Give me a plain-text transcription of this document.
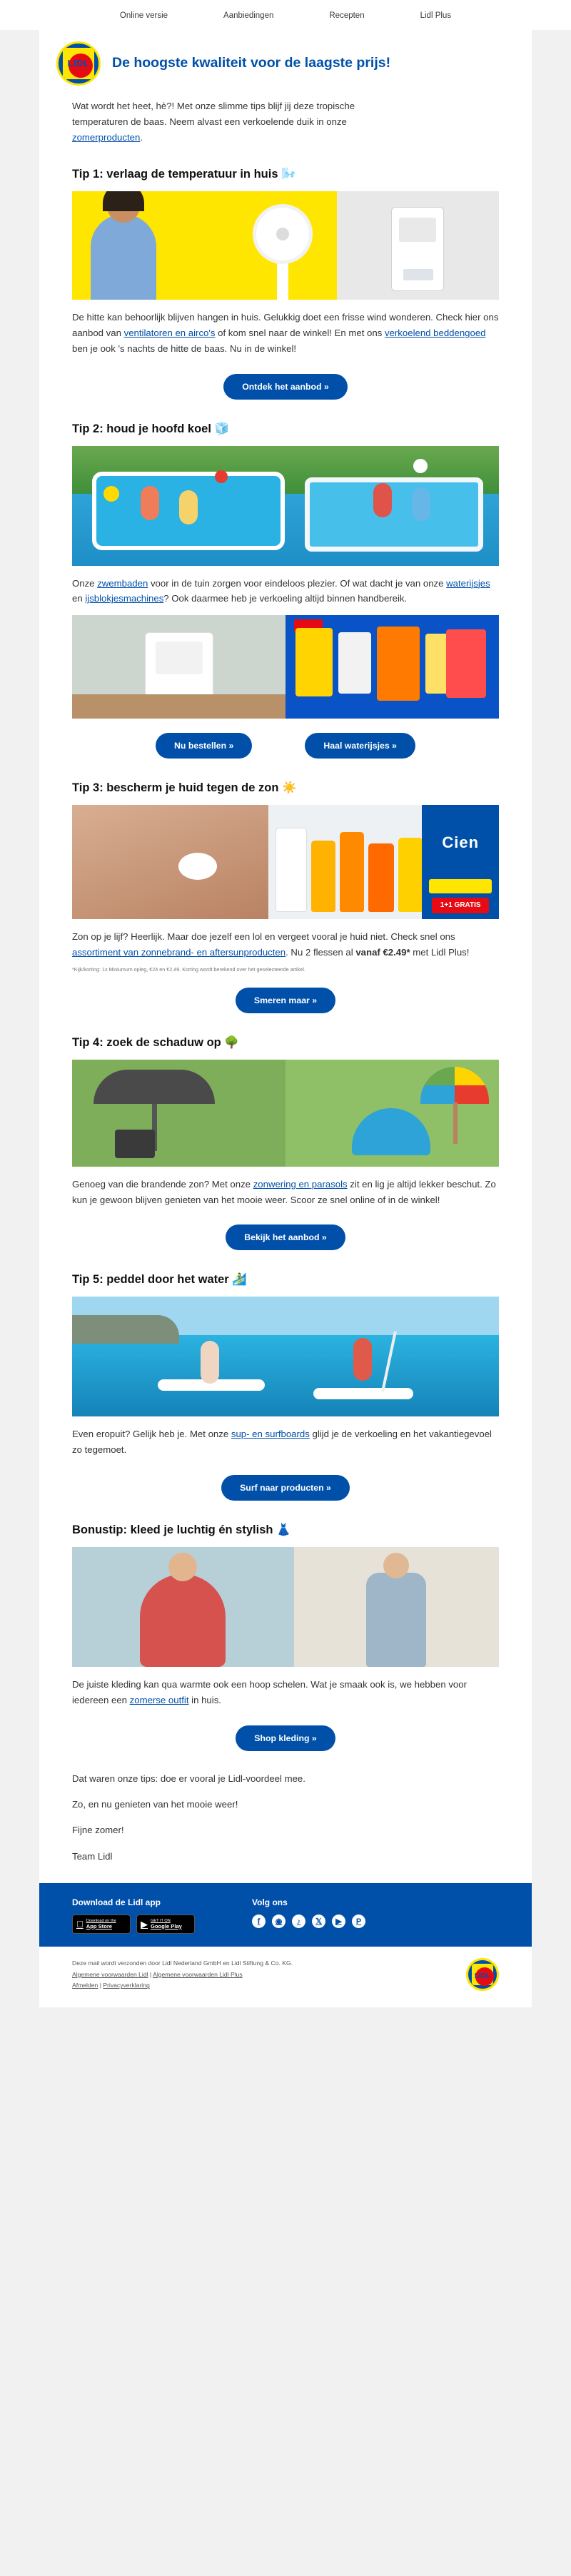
Online versie	Aanbiedingen	Recepten	Lidl Plus
LIDL	De hoogste kwaliteit voor de laagste prijs!
Wat wordt het heet, hè?! Met onze slimme tips blijf jij deze tropische
temperaturen de baas. Neem alvast een verkoelende duik in onze
zomerproducten.
Tip 1: verlaag de temperatuur in huis 🌬️
De hitte kan behoorlijk blijven hangen in huis. Gelukkig doet een frisse wind wonderen. Check hier ons aanbod van ventilatoren en airco's of kom snel naar de winkel! En met ons verkoelend beddengoed ben je ook 's nachts de hitte de baas. Nu in de winkel!
Ontdek het aanbod »
Tip 2: houd je hoofd koel 🧊
Onze zwembaden voor in de tuin zorgen voor eindeloos plezier. Of wat dacht je van onze waterijsjes en ijsblokjesmachines? Ook daarmee heb je verkoeling altijd binnen handbereik.
Nu bestellen »	Haal waterijsjes »
Tip 3: bescherm je huid tegen de zon ☀️
Cien
1+1 GRATIS
Zon op je lijf? Heerlijk. Maar doe jezelf een lol en vergeet vooral je huid niet. Check snel ons assortiment van zonnebrand- en aftersunproducten. Nu 2 flessen al vanaf €2.49* met Lidl Plus!
*Kijk/korting: 1x Miniumum opleg, €24 en €2,49. Korting wordt berekend over het geselecteerde artikel.
Smeren maar »
Tip 4: zoek de schaduw op 🌳
Genoeg van die brandende zon? Met onze zonwering en parasols zit en lig je altijd lekker beschut. Zo kun je gewoon blijven genieten van het mooie weer. Scoor ze snel online of in de winkel!
Bekijk het aanbod »
Tip 5: peddel door het water 🏄‍♂️
Even eropuit? Gelijk heb je. Met onze sup- en surfboards glijd je de verkoeling en het vakantiegevoel zo tegemoet.
Surf naar producten »
Bonustip: kleed je luchtig én stylish 👗
De juiste kleding kan qua warmte ook een hoop schelen. Wat je smaak ook is, we hebben voor iedereen een zomerse outfit in huis.
Shop kleding »

Dat waren onze tips: doe er vooral je Lidl-voordeel mee.

Zo, en nu genieten van het mooie weer!

Fijne zomer!

Team Lidl

Download de Lidl app
Download on the
App Store	▶ GET IT ON
Google Play
Volg ons
f	◉	♪	𝕏	▶	P
Deze mail wordt verzonden door Lidl Nederland GmbH en Lidl Stiftung & Co. KG.
Algemene voorwaarden Lidl | Algemene voorwaarden Lidl Plus
Afmelden | Privacyverklaring
LIDL
